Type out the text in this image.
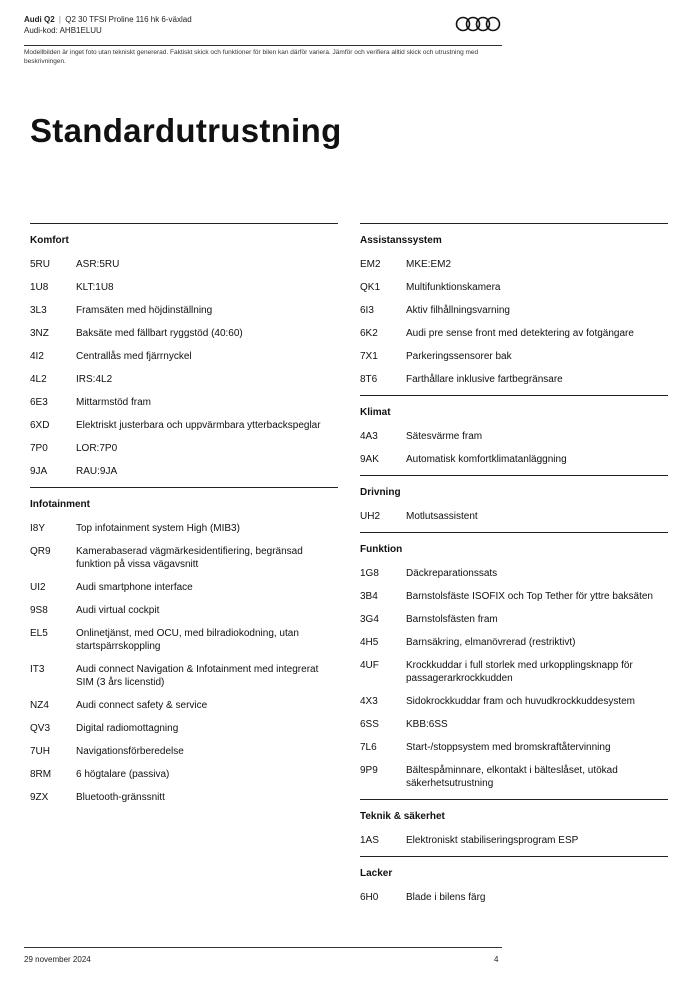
Audi Q2 | Q2 30 TFSI Proline 116 hk 6-växlad
Audi-kod: AHB1ELUU
Modellbilden är inget foto utan tekniskt genererad. Faktiskt skick och funktioner för bilen kan därför variera. Jämför och verifiera alltid skick och utrustning med beskrivningen.
Standardutrustning
Komfort
5RU	ASR:5RU
1U8	KLT:1U8
3L3	Framsäten med höjdinställning
3NZ	Baksäte med fällbart ryggstöd (40:60)
4I2	Centrallås med fjärrnyckel
4L2	IRS:4L2
6E3	Mittarmstöd fram
6XD	Elektriskt justerbara och uppvärmbara ytterbackspeglar
7P0	LOR:7P0
9JA	RAU:9JA
Infotainment
I8Y	Top infotainment system High (MIB3)
QR9	Kamerabaserad vägmärkesidentifiering, begränsad funktion på vissa vägavsnitt
UI2	Audi smartphone interface
9S8	Audi virtual cockpit
EL5	Onlinetjänst, med OCU, med bilradiokodning, utan startspärrskoppling
IT3	Audi connect Navigation & Infotainment med integrerat SIM (3 års licenstid)
NZ4	Audi connect safety & service
QV3	Digital radiomottagning
7UH	Navigationsförberedelse
8RM	6 högtalare (passiva)
9ZX	Bluetooth-gränssnitt
Assistanssystem
EM2	MKE:EM2
QK1	Multifunktionskamera
6I3	Aktiv filhållningsvarning
6K2	Audi pre sense front med detektering av fotgängare
7X1	Parkeringssensorer bak
8T6	Farthållare inklusive fartbegränsare
Klimat
4A3	Sätesvärme fram
9AK	Automatisk komfortklimatanläggning
Drivning
UH2	Motlutsassistent
Funktion
1G8	Däckreparationssats
3B4	Barnstolsfäste ISOFIX och Top Tether för yttre baksäten
3G4	Barnstolsfästen fram
4H5	Barnsäkring, elmanövrerad (restriktivt)
4UF	Krockkuddar i full storlek med urkopplingsknapp för passagerarkrockkudden
4X3	Sidokrockkuddar fram och huvudkrockkuddesystem
6SS	KBB:6SS
7L6	Start-/stoppsystem med bromskraftåtervinning
9P9	Bältespåminnare, elkontakt i bälteslåset, utökad säkerhetsutrustning
Teknik & säkerhet
1AS	Elektroniskt stabiliseringsprogram ESP
Lacker
6H0	Blade i bilens färg
29 november 2024	4
